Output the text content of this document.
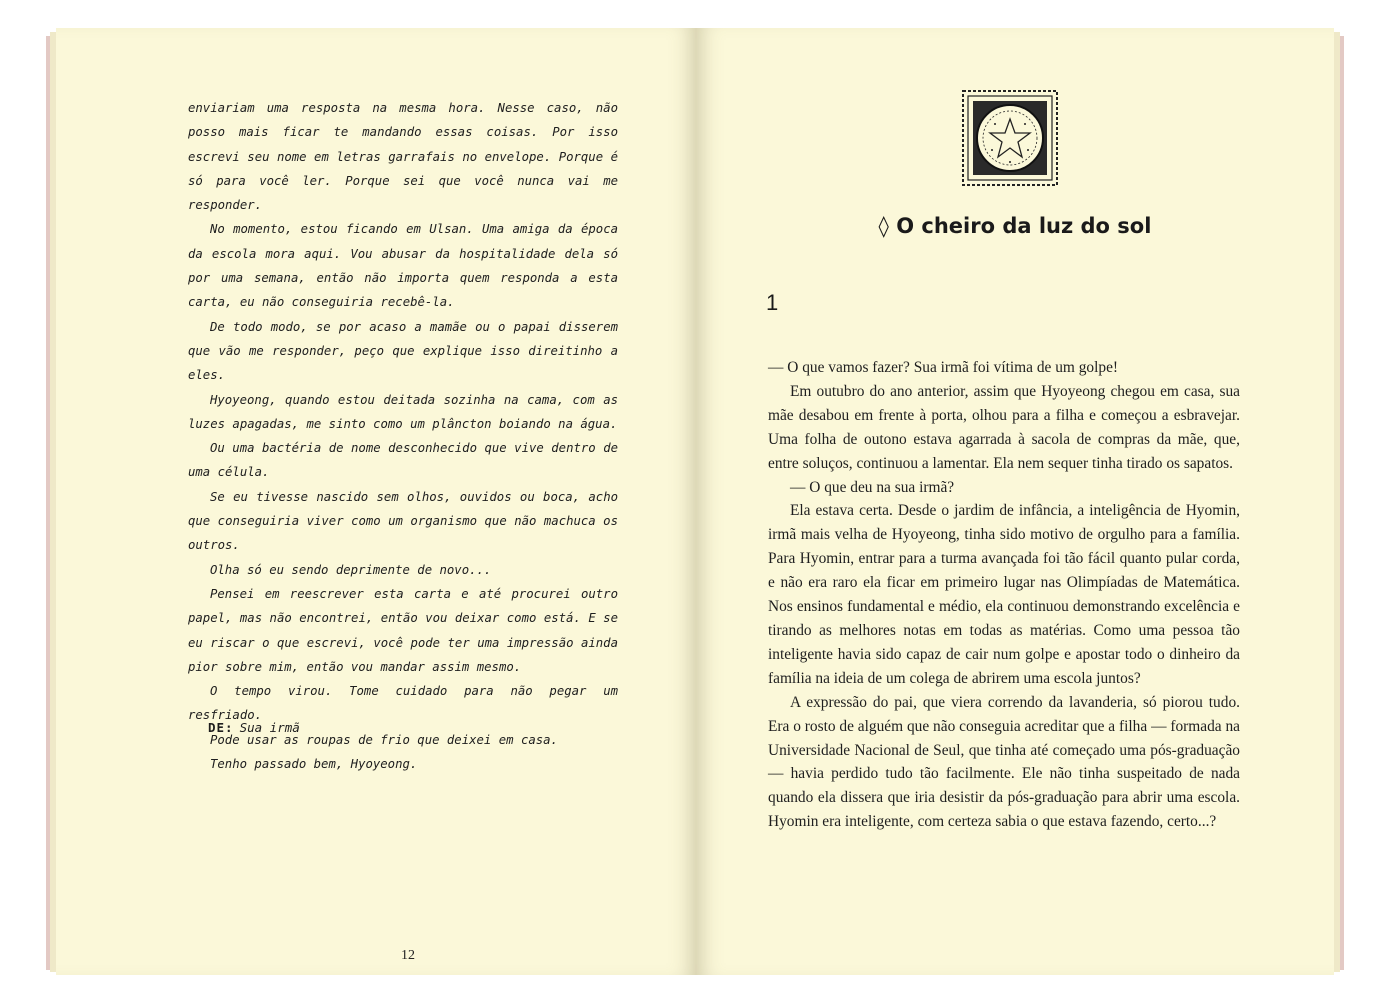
enviariam uma resposta na mesma hora. Nesse caso, não posso mais ficar te mandando essas coisas. Por isso escrevi seu nome em letras garrafais no envelope. Porque é só para você ler. Porque sei que você nunca vai me responder.

No momento, estou ficando em Ulsan. Uma amiga da época da escola mora aqui. Vou abusar da hospitalidade dela só por uma semana, então não importa quem responda a esta carta, eu não conseguiria recebê-la.

De todo modo, se por acaso a mamãe ou o papai disserem que vão me responder, peço que explique isso direitinho a eles.

Hyoyeong, quando estou deitada sozinha na cama, com as luzes apagadas, me sinto como um plâncton boiando na água.

Ou uma bactéria de nome desconhecido que vive dentro de uma célula.

Se eu tivesse nascido sem olhos, ouvidos ou boca, acho que conseguiria viver como um organismo que não machuca os outros.

Olha só eu sendo deprimente de novo...

Pensei em reescrever esta carta e até procurei outro papel, mas não encontrei, então vou deixar como está. E se eu riscar o que escrevi, você pode ter uma impressão ainda pior sobre mim, então vou mandar assim mesmo.

O tempo virou. Tome cuidado para não pegar um resfriado.

Pode usar as roupas de frio que deixei em casa.

Tenho passado bem, Hyoyeong.

DE: Sua irmã
12
◊ O cheiro da luz do sol
1

— O que vamos fazer? Sua irmã foi vítima de um golpe!

Em outubro do ano anterior, assim que Hyoyeong chegou em casa, sua mãe desabou em frente à porta, olhou para a filha e começou a esbravejar. Uma folha de outono estava agarrada à sacola de compras da mãe, que, entre soluços, continuou a lamentar. Ela nem sequer tinha tirado os sapatos.

— O que deu na sua irmã?

Ela estava certa. Desde o jardim de infância, a inteligência de Hyomin, irmã mais velha de Hyoyeong, tinha sido motivo de orgulho para a família. Para Hyomin, entrar para a turma avançada foi tão fácil quanto pular corda, e não era raro ela ficar em primeiro lugar nas Olimpíadas de Matemática. Nos ensinos fundamental e médio, ela continuou demonstrando excelência e tirando as melhores notas em todas as matérias. Como uma pessoa tão inteligente havia sido capaz de cair num golpe e apostar todo o dinheiro da família na ideia de um colega de abrirem uma escola juntos?

A expressão do pai, que viera correndo da lavanderia, só piorou tudo. Era o rosto de alguém que não conseguia acreditar que a filha — formada na Universidade Nacional de Seul, que tinha até começado uma pós-graduação — havia perdido tudo tão facilmente. Ele não tinha suspeitado de nada quando ela dissera que iria desistir da pós-graduação para abrir uma escola. Hyomin era inteligente, com certeza sabia o que estava fazendo, certo...?
